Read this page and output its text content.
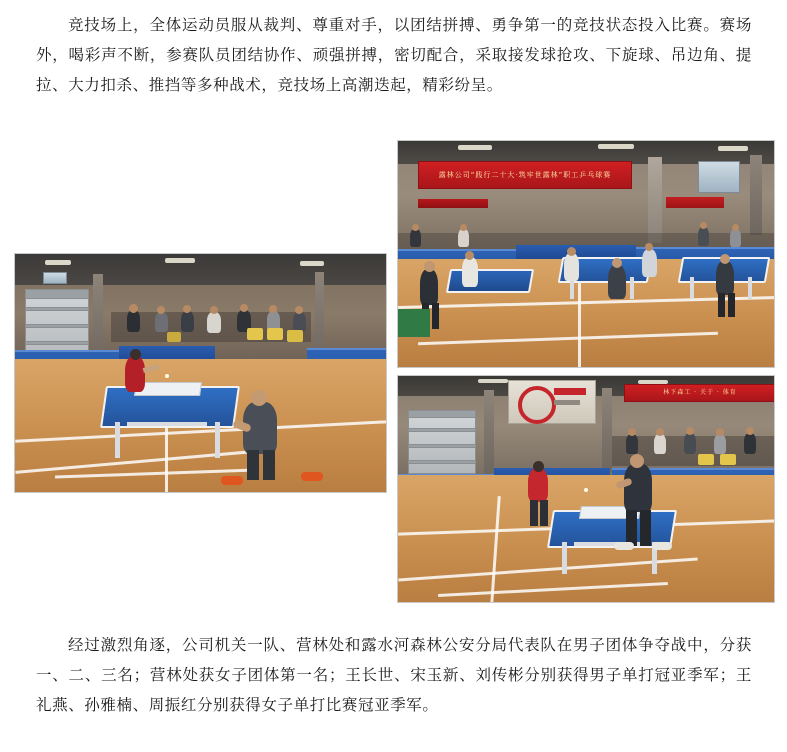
竞技场上，全体运动员服从裁判、尊重对手，以团结拼搏、勇争第一的竞技状态投入比赛。赛场外，喝彩声不断，参赛队员团结协作、顽强拼搏，密切配合，采取接发球抢攻、下旋球、吊边角、提拉、大力扣杀、推挡等多种战术，竞技场上高潮迭起，精彩纷呈。

露林公司“践行二十大·筑牢世露林”职工乒乓球赛

林下森工 · 关于 · 体育

经过激烈角逐，公司机关一队、营林处和露水河森林公安分局代表队在男子团体争夺战中，分获一、二、三名；营林处获女子团体第一名；王长世、宋玉新、刘传彬分别获得男子单打冠亚季军；王礼燕、孙雅楠、周振红分别获得女子单打比赛冠亚季军。
